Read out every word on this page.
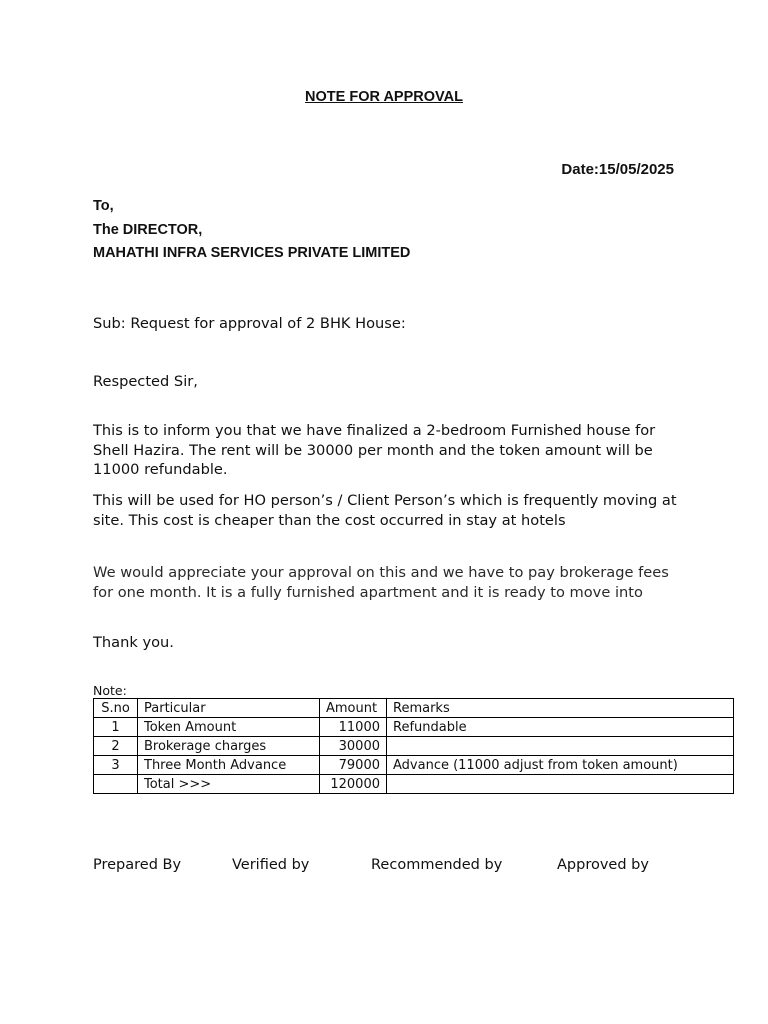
NOTE FOR APPROVAL
Date:15/05/2025
To,
The DIRECTOR,
MAHATHI INFRA SERVICES PRIVATE LIMITED

Sub: Request for approval of 2 BHK House:

Respected Sir,

This is to inform you that we have finalized a 2-bedroom Furnished house for Shell Hazira. The rent will be 30000 per month and the token amount will be 11000 refundable.

This will be used for HO person’s / Client Person’s which is frequently moving at site. This cost is cheaper than the cost occurred in stay at hotels

We would appreciate your approval on this and we have to pay brokerage fees for one month. It is a fully furnished apartment and it is ready to move into

Thank you.

Note:
S.no	Particular	Amount	Remarks
1	Token Amount	11000	Refundable
2	Brokerage charges	30000	
3	Three Month Advance	79000	Advance (11000 adjust from token amount)
	Total >>>	120000	
Prepared By	Verified by	Recommended by	Approved by
